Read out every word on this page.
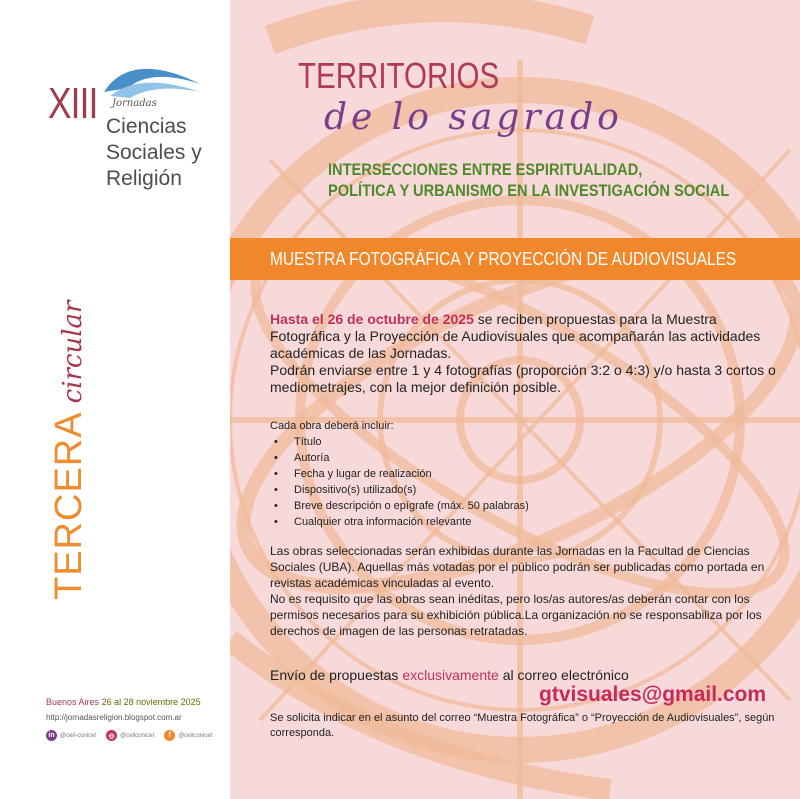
XIII Jornadas
Ciencias
Sociales y
Religión
TERCERAcircular
Buenos Aires 26 al 28 noviembre 2025
http://jornadasreligion.blogspot.com.ar
in @ceil-conicet	◎ @ceilconicet	f	@ceilconicet
TERRITORIOS
de lo sagrado
INTERSECCIONES ENTRE ESPIRITUALIDAD,
POLÍTICA Y URBANISMO EN LA INVESTIGACIÓN SOCIAL
MUESTRA FOTOGRÁFICA Y PROYECCIÓN DE AUDIOVISUALES

Hasta el 26 de octubre de 2025 se reciben propuestas para la Muestra Fotográfica y la Proyección de Audiovisuales que acompañarán las actividades académicas de las Jornadas.

Podrán enviarse entre 1 y 4 fotografías (proporción 3:2 o 4:3) y/o hasta 3 cortos o mediometrajes, con la mejor definición posible.

Cada obra deberá incluir:
• Título
• Autoría
• Fecha y lugar de realización
• Dispositivo(s) utilizado(s)
• Breve descripción o epígrafe (máx. 50 palabras)
• Cualquier otra información relevante

Las obras seleccionadas serán exhibidas durante las Jornadas en la Facultad de Ciencias Sociales (UBA). Aquellas más votadas por el público podrán ser publicadas como portada en revistas académicas vinculadas al evento.

No es requisito que las obras sean inéditas, pero los/as autores/as deberán contar con los permisos necesarios para su exhibición pública.La organización no se responsabiliza por los derechos de imagen de las personas retratadas.

Envío de propuestas exclusivamente al correo electrónico
gtvisuales@gmail.com
Se solicita indicar en el asunto del correo “Muestra Fotográfica” o “Proyección de Audiovisuales”, según corresponda.
